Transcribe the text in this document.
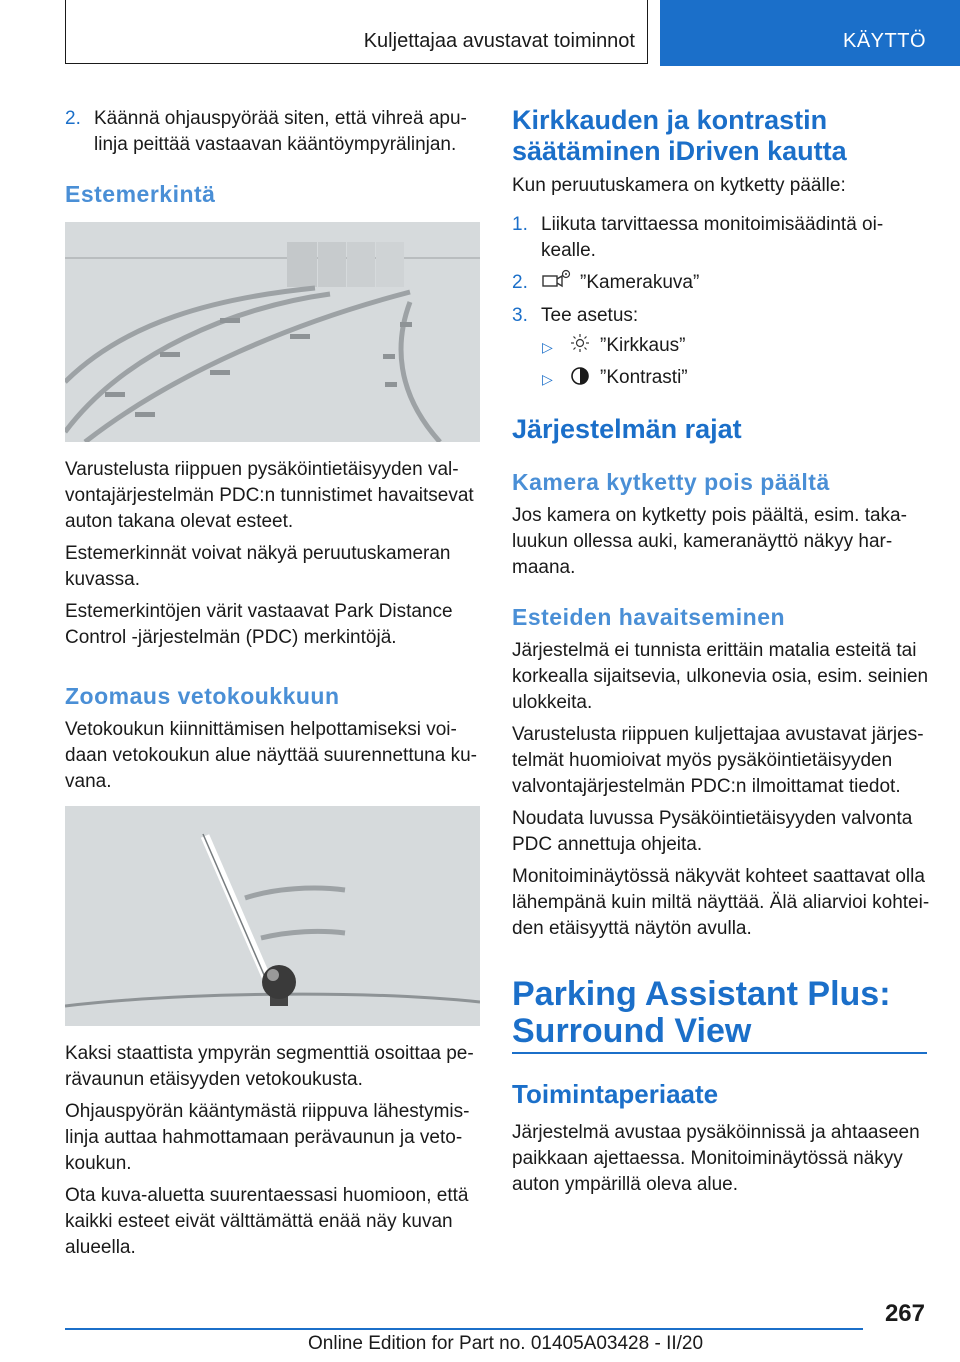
Kuljettajaa avustavat toiminnot	KÄYTTÖ
2. Käännä ohjauspyörää siten, että vihreä apu‐
linja peittää vastaavan kääntöympyrälinjan.
Estemerkintä
Varustelusta riippuen pysäköintietäisyyden val‐
vontajärjestelmän PDC:n tunnistimet havaitsevat
auton takana olevat esteet.
Estemerkinnät voivat näkyä peruutuskameran
kuvassa.
Estemerkintöjen värit vastaavat Park Distance
Control -järjestelmän (PDC) merkintöjä.
Zoomaus vetokoukkuun
Vetokoukun kiinnittämisen helpottamiseksi voi‐
daan vetokoukun alue näyttää suurennettuna ku‐
vana.
Kaksi staattista ympyrän segmenttiä osoittaa pe‐
rävaunun etäisyyden vetokoukusta.
Ohjauspyörän kääntymästä riippuva lähestymis‐
linja auttaa hahmottamaan perävaunun ja veto‐
koukun.
Ota kuva-aluetta suurentaessasi huomioon, että
kaikki esteet eivät välttämättä enää näy kuvan
alueella.
Kirkkauden ja kontrastin
säätäminen iDriven kautta
Kun peruutuskamera on kytketty päälle:
1. Liikuta tarvittaessa monitoimisäädintä oi‐
kealle.
2.	”Kamerakuva”
3. Tee asetus:
▷ ”Kirkkaus”
▷ ”Kontrasti”
Järjestelmän rajat
Kamera kytketty pois päältä
Jos kamera on kytketty pois päältä, esim. taka‐
luukun ollessa auki, kameranäyttö näkyy har‐
maana.
Esteiden havaitseminen
Järjestelmä ei tunnista erittäin matalia esteitä tai
korkealla sijaitsevia, ulkonevia osia, esim. seinien
ulokkeita.
Varustelusta riippuen kuljettajaa avustavat järjes‐
telmät huomioivat myös pysäköintietäisyyden
valvontajärjestelmän PDC:n ilmoittamat tiedot.
Noudata luvussa Pysäköintietäisyyden valvonta
PDC annettuja ohjeita.
Monitoiminäytössä näkyvät kohteet saattavat olla
lähempänä kuin miltä näyttää. Älä aliarvioi kohtei‐
den etäisyyttä näytön avulla.
Parking Assistant Plus:
Surround View
Toimintaperiaate
Järjestelmä avustaa pysäköinnissä ja ahtaaseen
paikkaan ajettaessa. Monitoiminäytössä näkyy
auton ympärillä oleva alue.
267
Online Edition for Part no. 01405A03428 - II/20
